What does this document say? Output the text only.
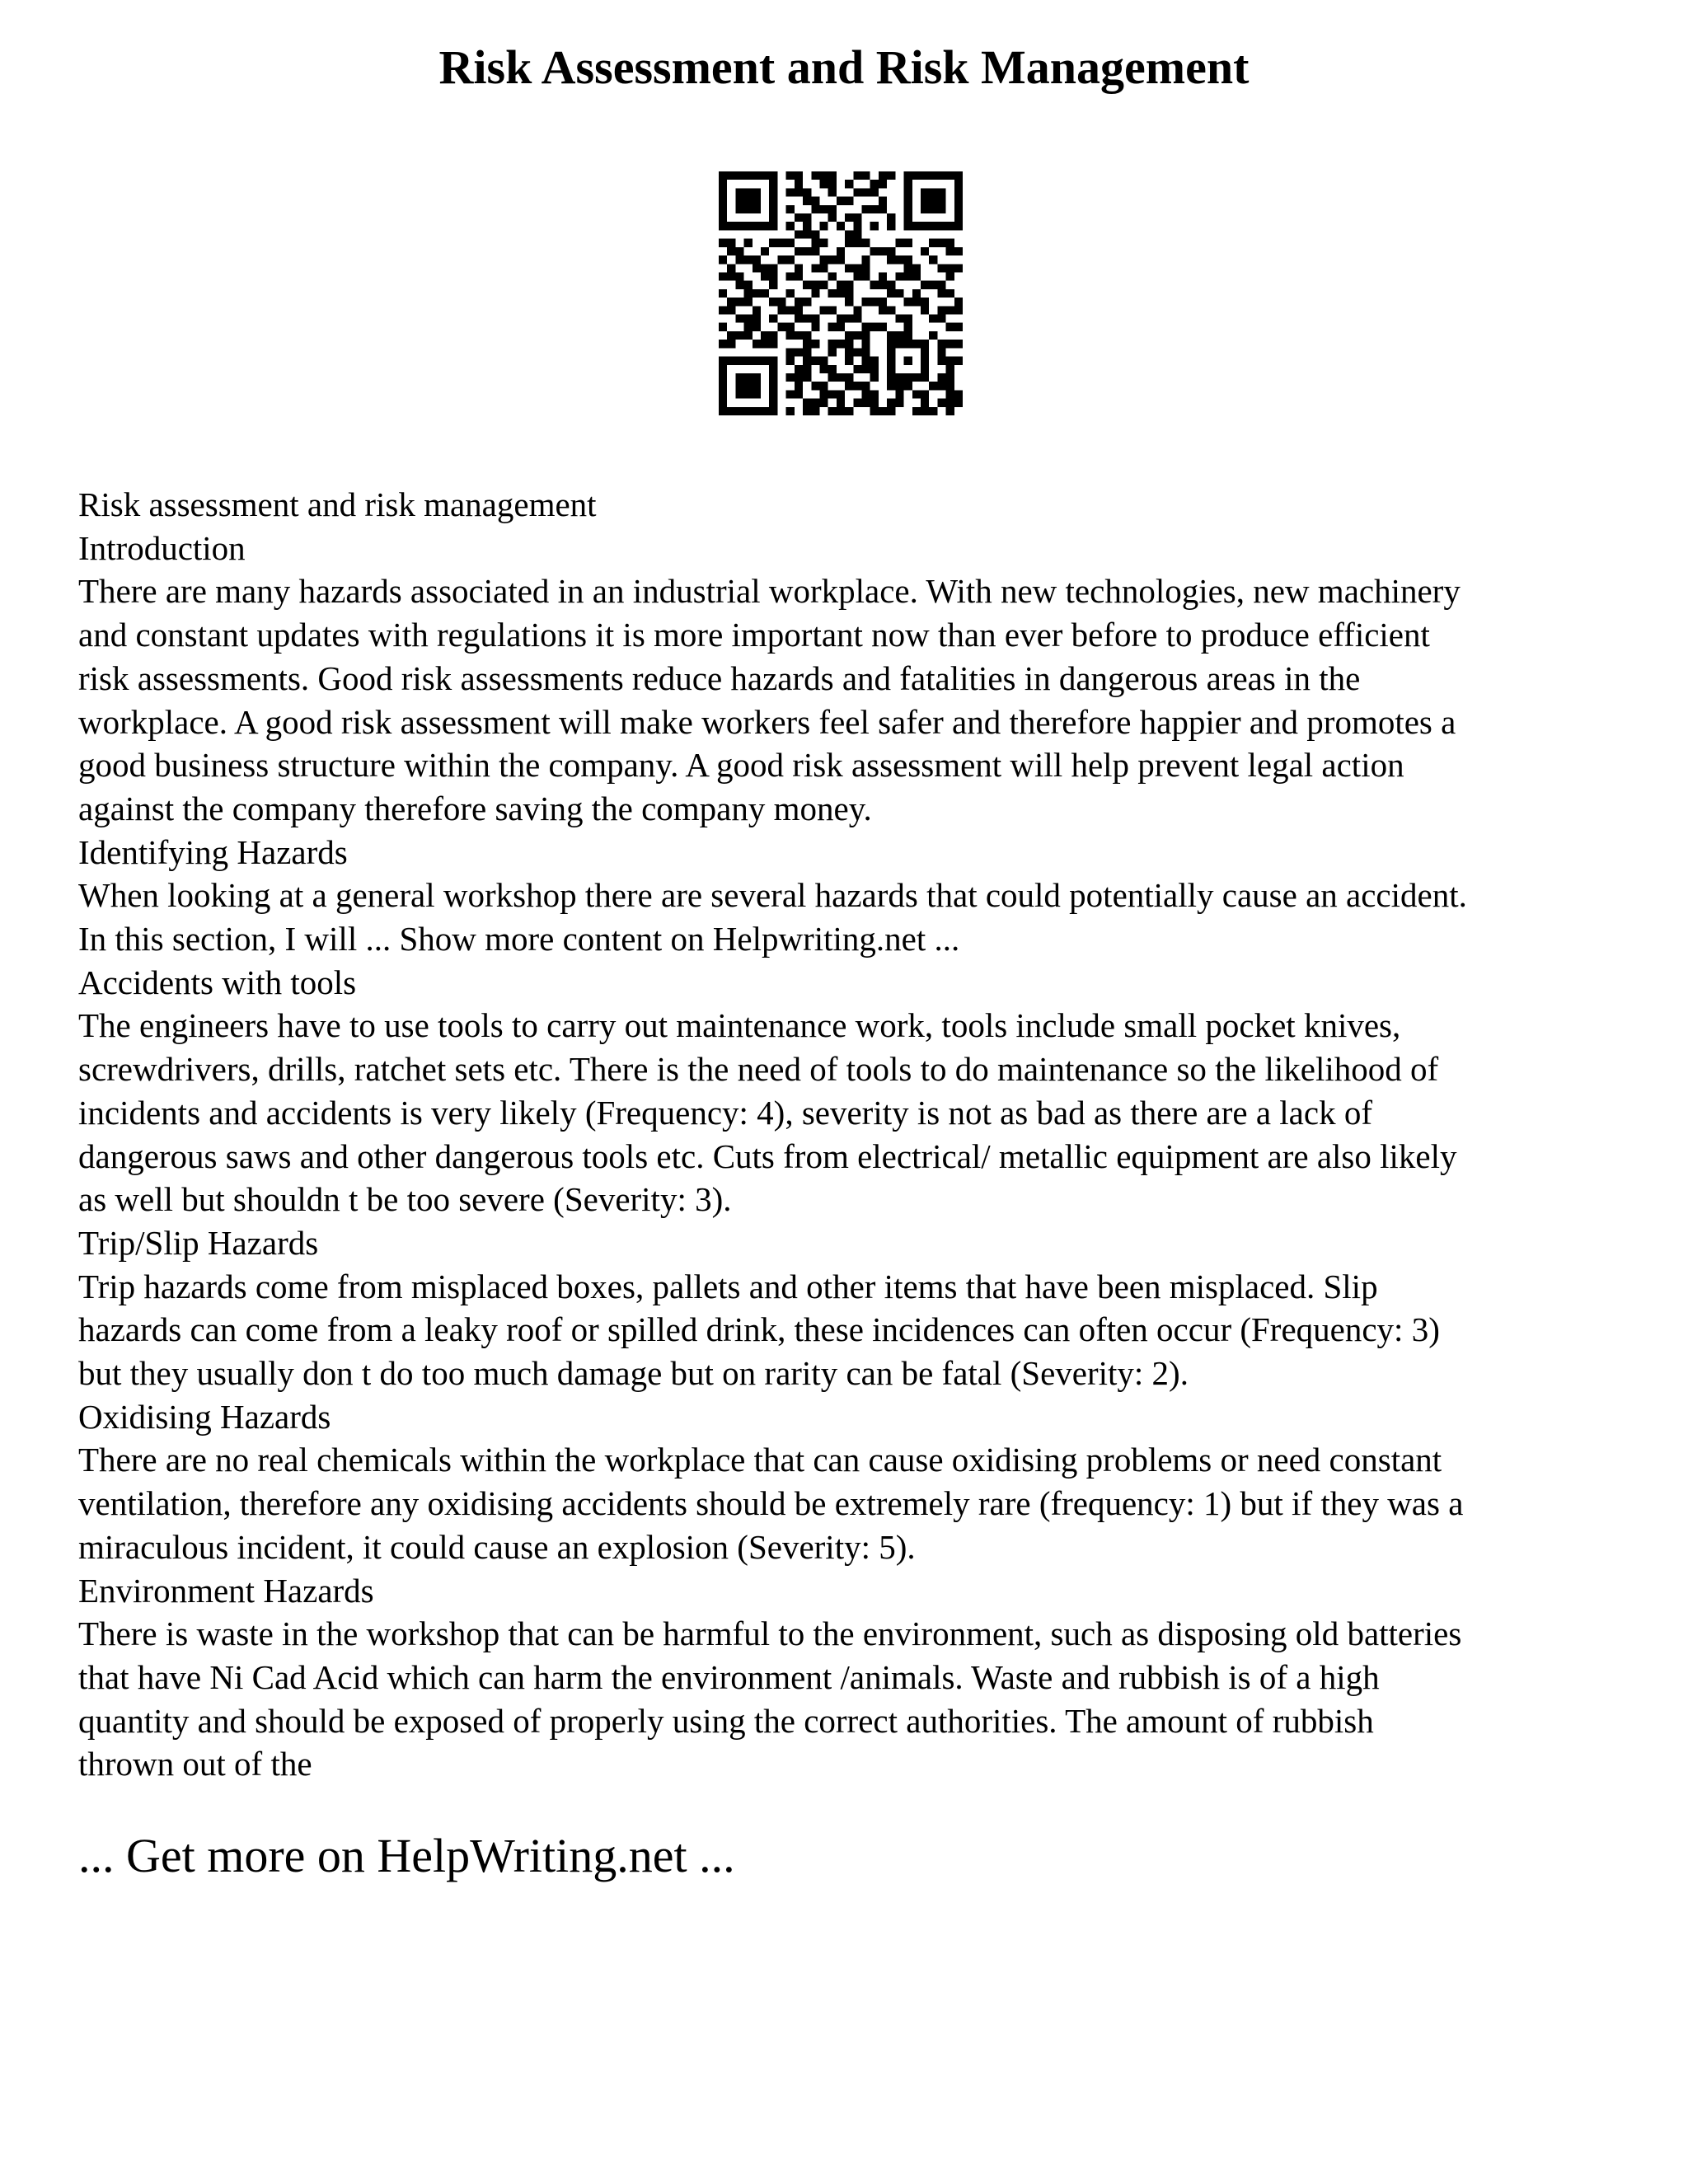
Risk Assessment and Risk Management
Risk assessment and risk management
Introduction
There are many hazards associated in an industrial workplace. With new technologies, new machinery
and constant updates with regulations it is more important now than ever before to produce efficient
risk assessments. Good risk assessments reduce hazards and fatalities in dangerous areas in the
workplace. A good risk assessment will make workers feel safer and therefore happier and promotes a
good business structure within the company. A good risk assessment will help prevent legal action
against the company therefore saving the company money.
Identifying Hazards
When looking at a general workshop there are several hazards that could potentially cause an accident.
In this section, I will ... Show more content on Helpwriting.net ...
Accidents with tools
The engineers have to use tools to carry out maintenance work, tools include small pocket knives,
screwdrivers, drills, ratchet sets etc. There is the need of tools to do maintenance so the likelihood of
incidents and accidents is very likely (Frequency: 4), severity is not as bad as there are a lack of
dangerous saws and other dangerous tools etc. Cuts from electrical/ metallic equipment are also likely
as well but shouldn t be too severe (Severity: 3).
Trip/Slip Hazards
Trip hazards come from misplaced boxes, pallets and other items that have been misplaced. Slip
hazards can come from a leaky roof or spilled drink, these incidences can often occur (Frequency: 3)
but they usually don t do too much damage but on rarity can be fatal (Severity: 2).
Oxidising Hazards
There are no real chemicals within the workplace that can cause oxidising problems or need constant
ventilation, therefore any oxidising accidents should be extremely rare (frequency: 1) but if they was a
miraculous incident, it could cause an explosion (Severity: 5).
Environment Hazards
There is waste in the workshop that can be harmful to the environment, such as disposing old batteries
that have Ni Cad Acid which can harm the environment /animals. Waste and rubbish is of a high
quantity and should be exposed of properly using the correct authorities. The amount of rubbish
thrown out of the
... Get more on HelpWriting.net ...
